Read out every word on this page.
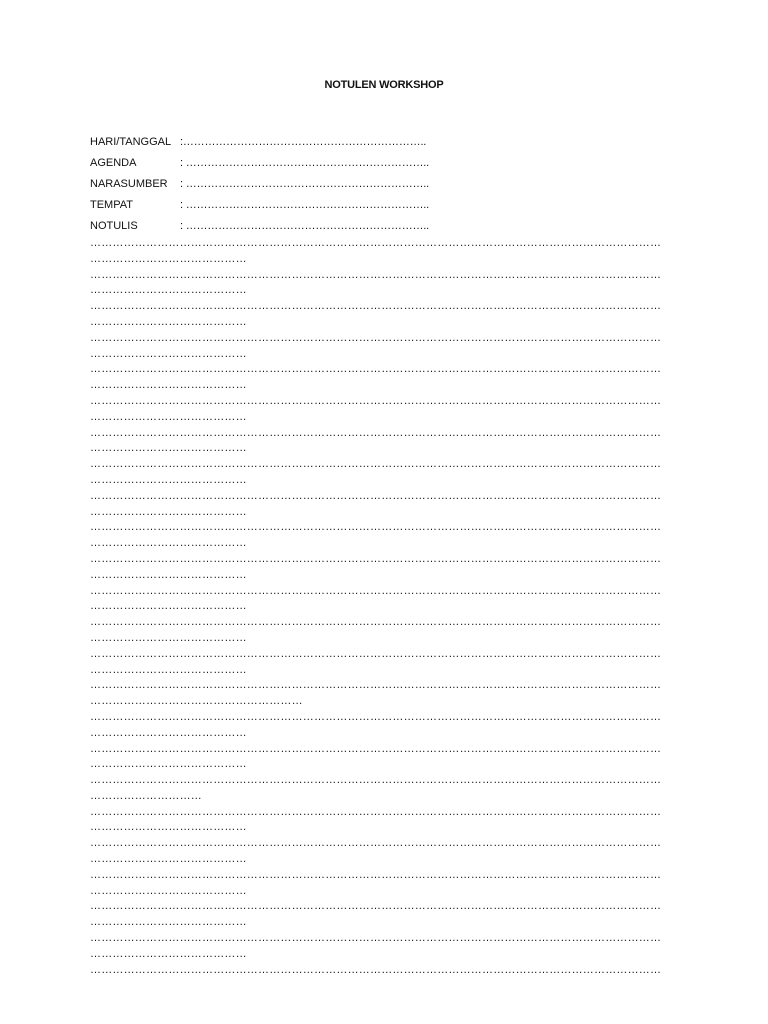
NOTULEN WORKSHOP
HARI/TANGGAL :…………………………………………………………..
AGENDA	: …………………………………………………………..
NARASUMBER	: …………………………………………………………..
TEMPAT	: …………………………………………………………..
NOTULIS	: …………………………………………………………..
………………………………………………………………………………………………………………………………………
……………………………………
………………………………………………………………………………………………………………………………………
……………………………………
………………………………………………………………………………………………………………………………………
……………………………………
………………………………………………………………………………………………………………………………………
……………………………………
………………………………………………………………………………………………………………………………………
……………………………………
………………………………………………………………………………………………………………………………………
……………………………………
………………………………………………………………………………………………………………………………………
……………………………………
………………………………………………………………………………………………………………………………………
……………………………………
………………………………………………………………………………………………………………………………………
……………………………………
………………………………………………………………………………………………………………………………………
……………………………………
………………………………………………………………………………………………………………………………………
……………………………………
………………………………………………………………………………………………………………………………………
……………………………………
………………………………………………………………………………………………………………………………………
……………………………………
………………………………………………………………………………………………………………………………………
……………………………………
………………………………………………………………………………………………………………………………………
…………………………………………………
………………………………………………………………………………………………………………………………………
……………………………………
………………………………………………………………………………………………………………………………………
……………………………………
………………………………………………………………………………………………………………………………………
…………………………
………………………………………………………………………………………………………………………………………
……………………………………
………………………………………………………………………………………………………………………………………
……………………………………
………………………………………………………………………………………………………………………………………
……………………………………
………………………………………………………………………………………………………………………………………
……………………………………
………………………………………………………………………………………………………………………………………
……………………………………
………………………………………………………………………………………………………………………………………
